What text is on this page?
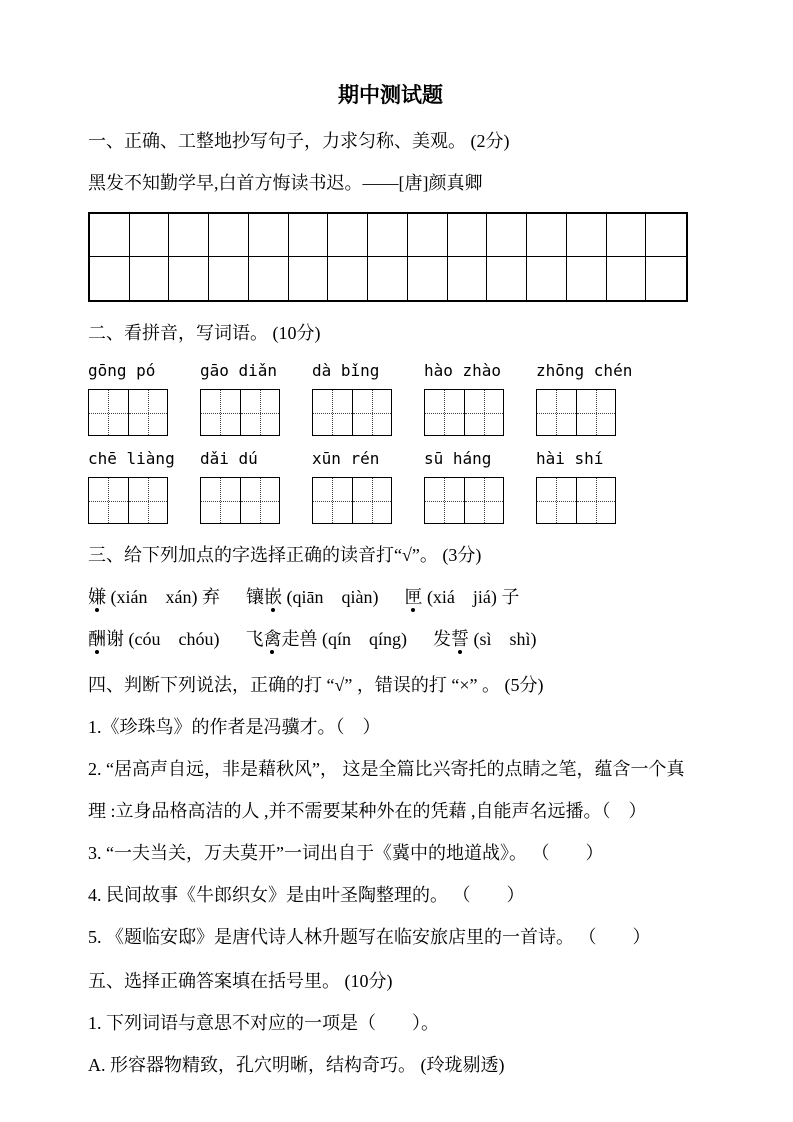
期中测试题

一、正确、工整地抄写句子，力求匀称、美观。 (2分)

黑发不知勤学早,白首方悔读书迟。——[唐]颜真卿

二、看拼音，写词语。 (10分)

gōng pó	gāo diǎn	dà bǐng	hào zhào	zhōng chén
chē liàng	dǎi dú	xūn rén	sū háng	hài shí

三、给下列加点的字选择正确的读音打“√”。 (3分)

嫌 (xián　xán) 弃 镶嵌 (qiān　qiàn) 匣 (xiá　jiá) 子

酬谢 (cóu　chóu) 飞禽走兽 (qín　qíng) 发誓 (sì　shì)

四、判断下列说法，正确的打 “√” ，错误的打 “×” 。 (5分)

1.《珍珠鸟》的作者是冯骥才。（　）

2. “居高声自远，非是藉秋风”， 这是全篇比兴寄托的点睛之笔，蕴含一个真理 :立身品格高洁的人 ,并不需要某种外在的凭藉 ,自能声名远播。（　）

3. “一夫当关，万夫莫开”一词出自于《冀中的地道战》。 （　　）

4. 民间故事《牛郎织女》是由叶圣陶整理的。 （　　）

5. 《题临安邸》是唐代诗人林升题写在临安旅店里的一首诗。 （　　）

五、选择正确答案填在括号里。 (10分)

1. 下列词语与意思不对应的一项是（　　）。

A. 形容器物精致，孔穴明晰，结构奇巧。 (玲珑剔透)
